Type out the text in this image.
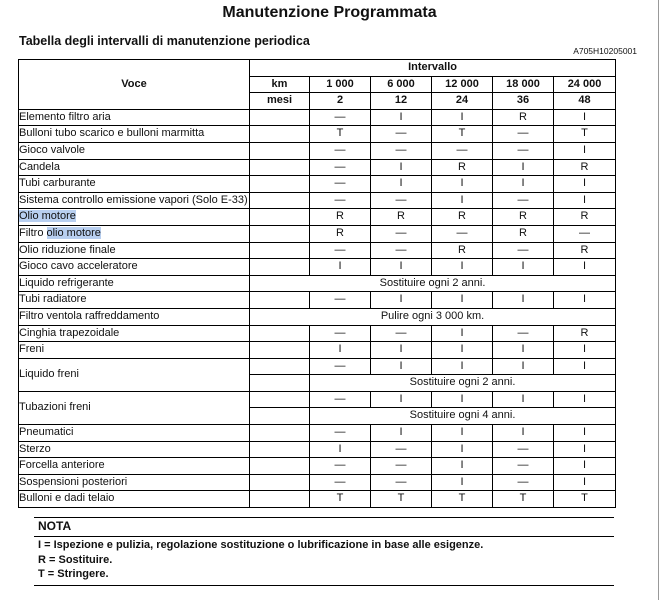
Manutenzione Programmata
Tabella degli intervalli di manutenzione periodica
A705H10205001
Voce	Intervallo					
	km	1 000	6 000	12 000	18 000	24 000
	mesi	2	12	24	36	48
Elemento filtro aria		—	I	I	R	I
Bulloni tubo scarico e bulloni marmitta		T	—	T	—	T
Gioco valvole		—	—	—	—	I
Candela		—	I	R	I	R
Tubi carburante		—	I	I	I	I
Sistema controllo emissione vapori (Solo E-33)		—	—	I	—	I
Olio motore		R	R	R	R	R
Filtro olio motore		R	—	—	R	—
Olio riduzione finale		—	—	R	—	R
Gioco cavo acceleratore		I	I	I	I	I
Liquido refrigerante	Sostituire ogni 2 anni.					
Tubi radiatore		—	I	I	I	I
Filtro ventola raffreddamento	Pulire ogni 3 000 km.					
Cinghia trapezoidale		—	—	I	—	R
Freni		I	I	I	I	I
Liquido freni		—	I	I	I	I
		Sostituire ogni 2 anni.				
Tubazioni freni		—	I	I	I	I
		Sostituire ogni 4 anni.				
Pneumatici		—	I	I	I	I
Sterzo		I	—	I	—	I
Forcella anteriore		—	—	I	—	I
Sospensioni posteriori		—	—	I	—	I
Bulloni e dadi telaio		T	T	T	T	T
NOTA
I = Ispezione e pulizia, regolazione sostituzione o lubrificazione in base alle esigenze.
R = Sostituire.
T = Stringere.
